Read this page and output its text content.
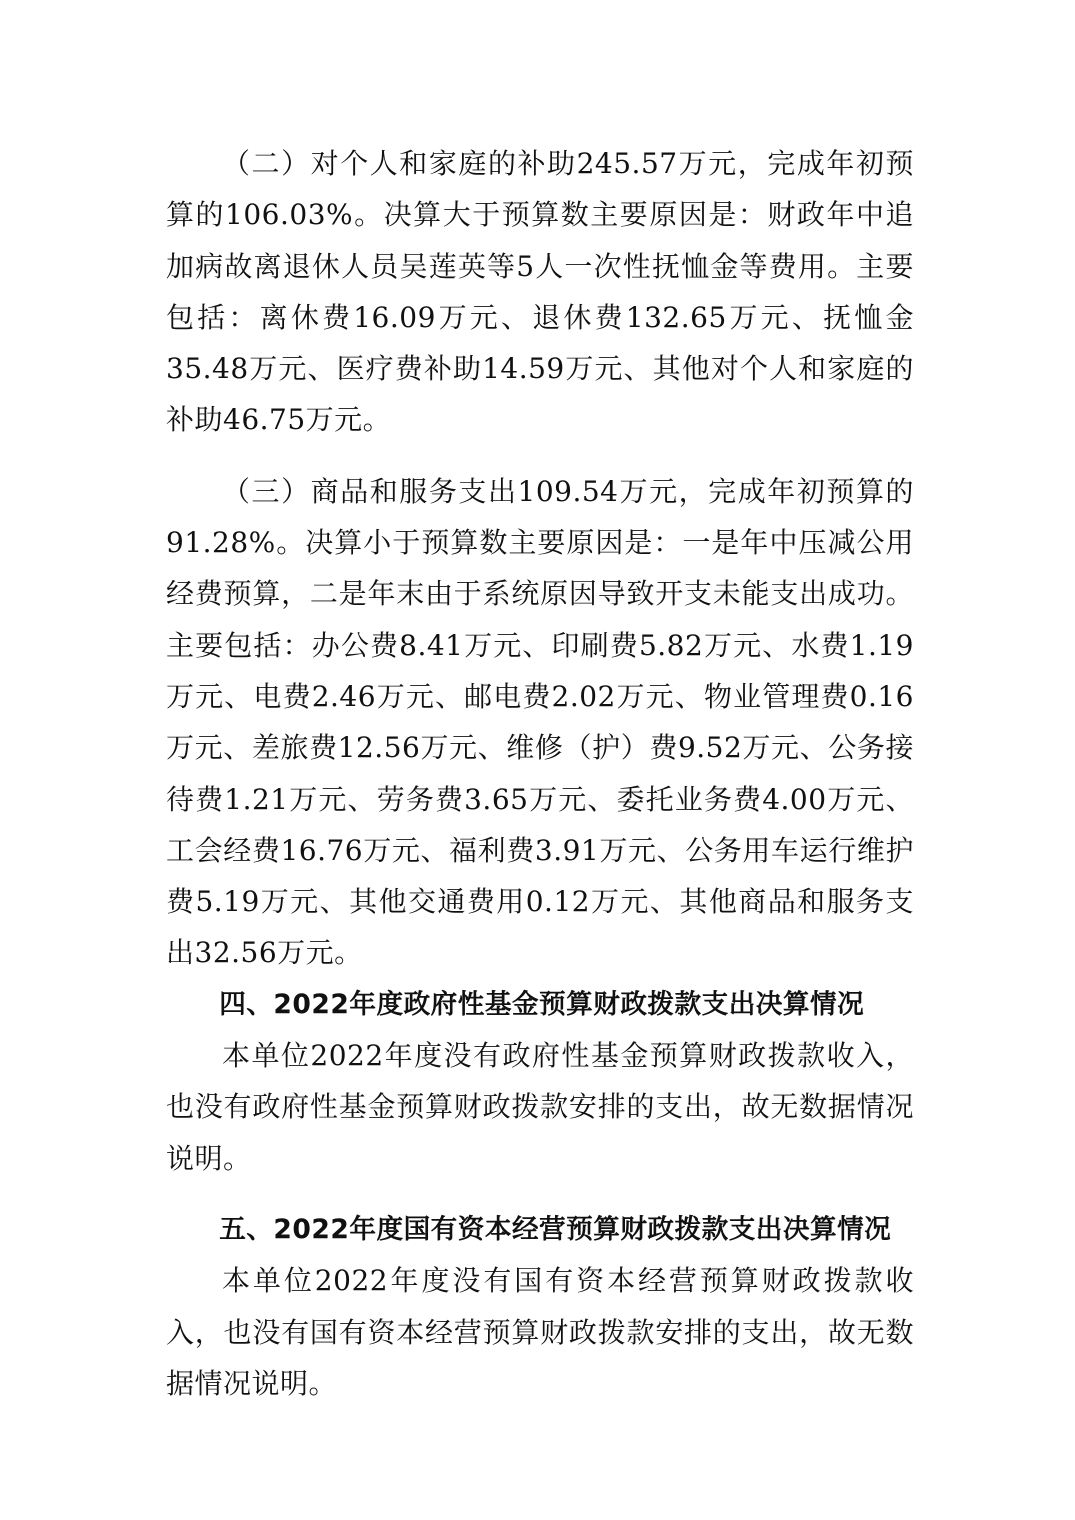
（二）对个人和家庭的补助245.57万元，完成年初预算的106.03%。决算大于预算数主要原因是：财政年中追加病故离退休人员吴莲英等5人一次性抚恤金等费用。主要包括：离休费16.09万元、退休费132.65万元、抚恤金35.48万元、医疗费补助14.59万元、其他对个人和家庭的补助46.75万元。

（三）商品和服务支出109.54万元，完成年初预算的91.28%。决算小于预算数主要原因是：一是年中压减公用经费预算，二是年末由于系统原因导致开支未能支出成功。主要包括：办公费8.41万元、印刷费5.82万元、水费1.19万元、电费2.46万元、邮电费2.02万元、物业管理费0.16万元、差旅费12.56万元、维修（护）费9.52万元、公务接待费1.21万元、劳务费3.65万元、委托业务费4.00万元、工会经费16.76万元、福利费3.91万元、公务用车运行维护费5.19万元、其他交通费用0.12万元、其他商品和服务支出32.56万元。

四、2022年度政府性基金预算财政拨款支出决算情况

本单位2022年度没有政府性基金预算财政拨款收入，也没有政府性基金预算财政拨款安排的支出，故无数据情况说明。

五、2022年度国有资本经营预算财政拨款支出决算情况

本单位2022年度没有国有资本经营预算财政拨款收入，也没有国有资本经营预算财政拨款安排的支出，故无数据情况说明。
